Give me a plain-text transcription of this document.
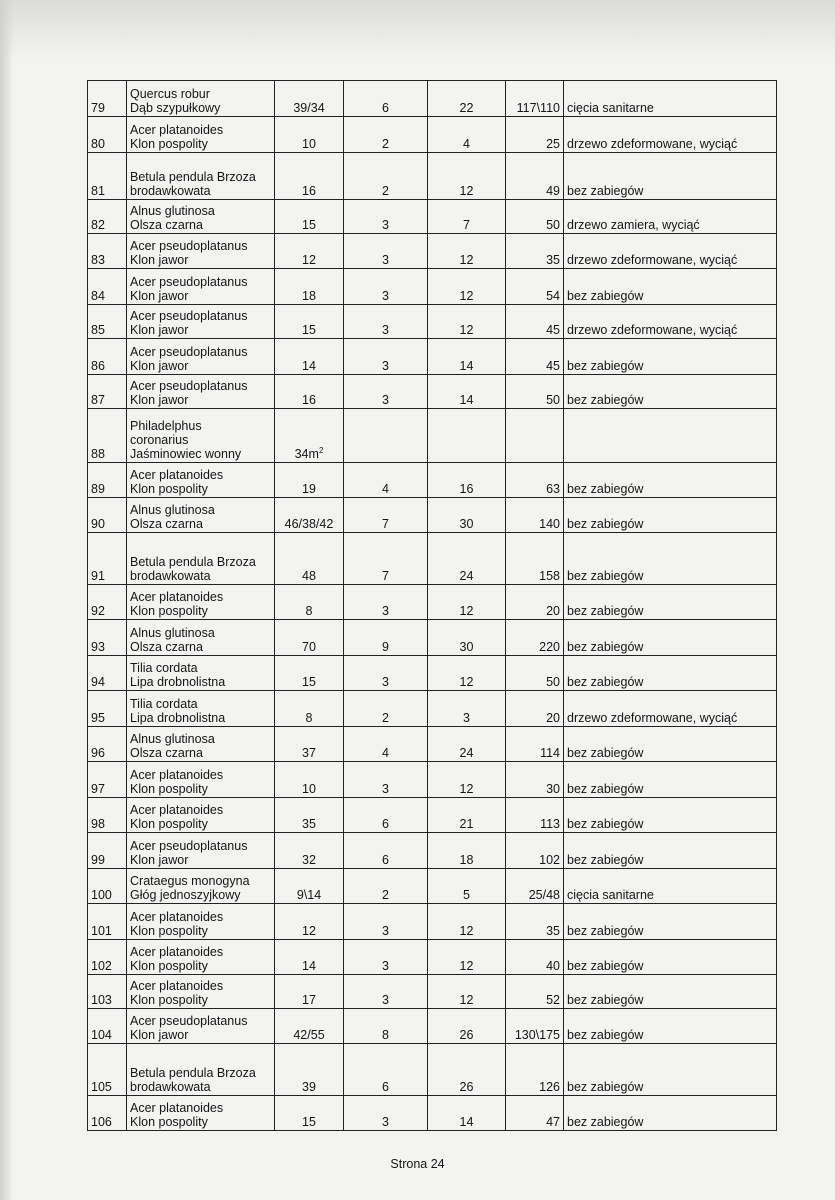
79	Quercus robur
Dąb szypułkowy	39/34	6	22	117\110	cięcia sanitarne
80	Acer platanoides
Klon pospolity	10	2	4	25	drzewo zdeformowane, wyciąć
81	Betula pendula Brzoza
brodawkowata	16	2	12	49	bez zabiegów
82	Alnus glutinosa
Olsza czarna	15	3	7	50	drzewo zamiera, wyciąć
83	Acer pseudoplatanus
Klon jawor	12	3	12	35	drzewo zdeformowane, wyciąć
84	Acer pseudoplatanus
Klon jawor	18	3	12	54	bez zabiegów
85	Acer pseudoplatanus
Klon jawor	15	3	12	45	drzewo zdeformowane, wyciąć
86	Acer pseudoplatanus
Klon jawor	14	3	14	45	bez zabiegów
87	Acer pseudoplatanus
Klon jawor	16	3	14	50	bez zabiegów
88	Philadelphus
coronarius
Jaśminowiec wonny	$34m^2$				
89	Acer platanoides
Klon pospolity	19	4	16	63	bez zabiegów
90	Alnus glutinosa
Olsza czarna	46/38/42	7	30	140	bez zabiegów
91	Betula pendula Brzoza
brodawkowata	48	7	24	158	bez zabiegów
92	Acer platanoides
Klon pospolity	8	3	12	20	bez zabiegów
93	Alnus glutinosa
Olsza czarna	70	9	30	220	bez zabiegów
94	Tilia cordata
Lipa drobnolistna	15	3	12	50	bez zabiegów
95	Tilia cordata
Lipa drobnolistna	8	2	3	20	drzewo zdeformowane, wyciąć
96	Alnus glutinosa
Olsza czarna	37	4	24	114	bez zabiegów
97	Acer platanoides
Klon pospolity	10	3	12	30	bez zabiegów
98	Acer platanoides
Klon pospolity	35	6	21	113	bez zabiegów
99	Acer pseudoplatanus
Klon jawor	32	6	18	102	bez zabiegów
100	Crataegus monogyna
Głóg jednoszyjkowy	9\14	2	5	25/48	cięcia sanitarne
101	Acer platanoides
Klon pospolity	12	3	12	35	bez zabiegów
102	Acer platanoides
Klon pospolity	14	3	12	40	bez zabiegów
103	Acer platanoides
Klon pospolity	17	3	12	52	bez zabiegów
104	Acer pseudoplatanus
Klon jawor	42/55	8	26	130\175	bez zabiegów
105	Betula pendula Brzoza
brodawkowata	39	6	26	126	bez zabiegów
106	Acer platanoides
Klon pospolity	15	3	14	47	bez zabiegów
Strona 24
